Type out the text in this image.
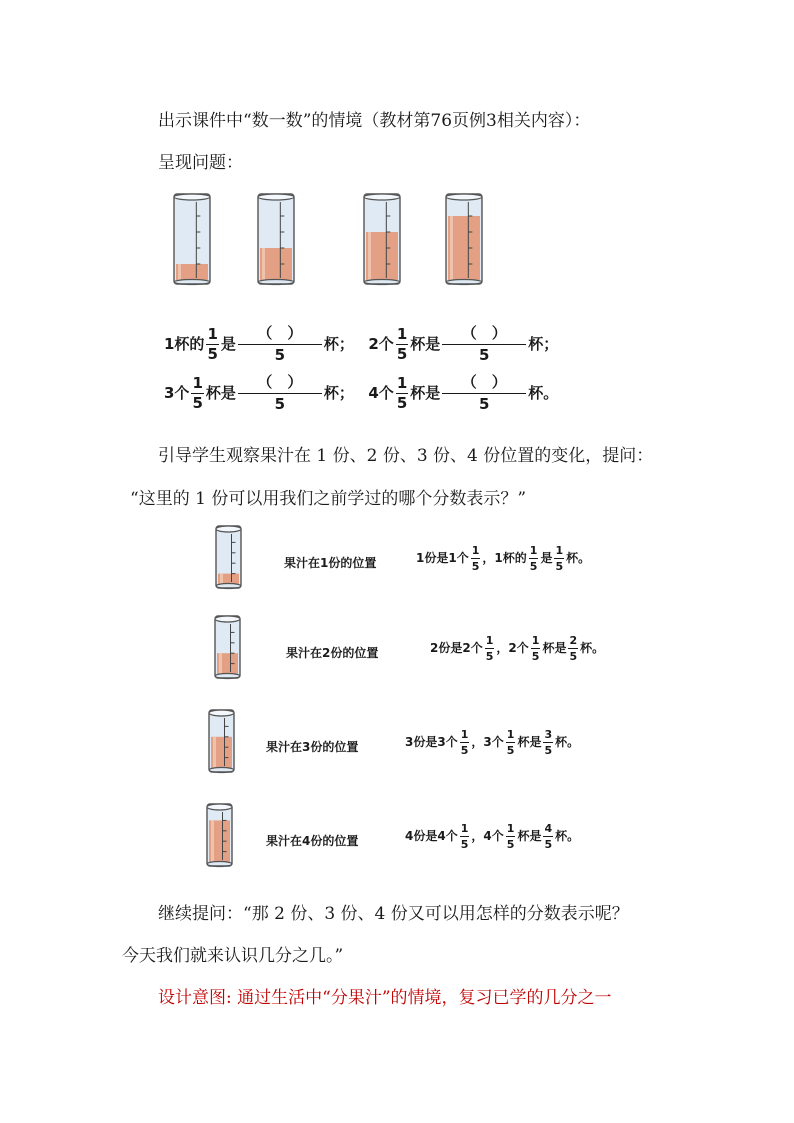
出示课件中“数一数”的情境（教材第76页例3相关内容）：
呈现问题：
1杯的 $\frac{1}{5}$ 是 $\frac{( )}{5}$ 杯； 2个 $\frac{1}{5}$ 杯是 $\frac{( )}{5}$ 杯；
3个 $\frac{1}{5}$ 杯是 $\frac{( )}{5}$ 杯； 4个 $\frac{1}{5}$ 杯是 $\frac{( )}{5}$ 杯。
引导学生观察果汁在 1 份、2 份、3 份、4 份位置的变化，提问：
“这里的 1 份可以用我们之前学过的哪个分数表示？”
果汁在1份的位置	1份是1个 $\frac{1}{5}$ ，1杯的 $\frac{1}{5}$ 是 $\frac{1}{5}$ 杯。
果汁在2份的位置	2份是2个 $\frac{1}{5}$ ，2个 $\frac{1}{5}$ 杯是 $\frac{2}{5}$ 杯。
果汁在3份的位置	3份是3个 $\frac{1}{5}$ ，3个 $\frac{1}{5}$ 杯是 $\frac{3}{5}$ 杯。
果汁在4份的位置	4份是4个 $\frac{1}{5}$ ，4个 $\frac{1}{5}$ 杯是 $\frac{4}{5}$ 杯。
继续提问：“那 2 份、3 份、4 份又可以用怎样的分数表示呢？
今天我们就来认识几分之几。”
设计意图: 通过生活中“分果汁”的情境，复习已学的几分之一
